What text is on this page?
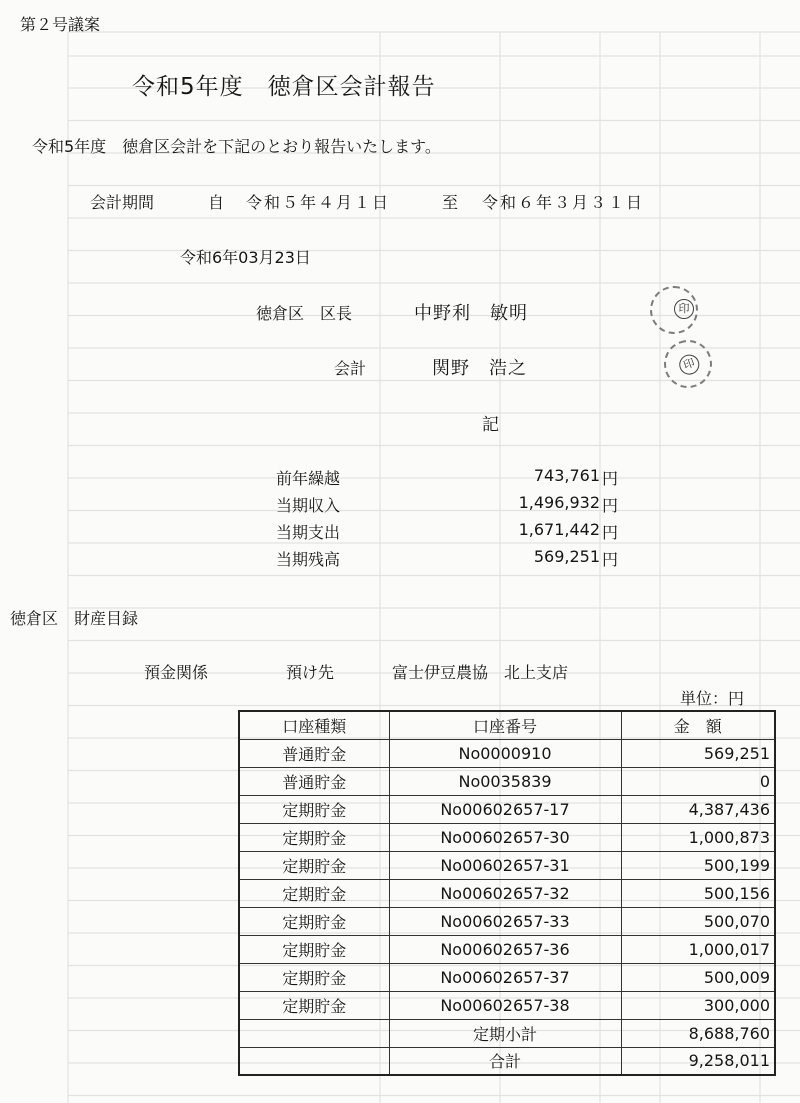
第２号議案
令和5年度　徳倉区会計報告
令和5年度　徳倉区会計を下記のとおり報告いたします。
会計期間	自 令和５年４月１日	至 令和６年３月３１日
令和6年03月23日
徳倉区　区長	中野利　敏明	印
会計	関野　浩之	印
記
前年繰越	743,761 円
当期収入	1,496,932 円
当期支出	1,671,442 円
当期残高	569,251 円
徳倉区　財産目録
預金関係	預け先	富士伊豆農協　北上支店
単位：円
口座種類	口座番号	金　額
普通貯金	No0000910	569,251
普通貯金	No0035839	0
定期貯金	No00602657-17	4,387,436
定期貯金	No00602657-30	1,000,873
定期貯金	No00602657-31	500,199
定期貯金	No00602657-32	500,156
定期貯金	No00602657-33	500,070
定期貯金	No00602657-36	1,000,017
定期貯金	No00602657-37	500,009
定期貯金	No00602657-38	300,000
	定期小計	8,688,760
	合計	9,258,011
